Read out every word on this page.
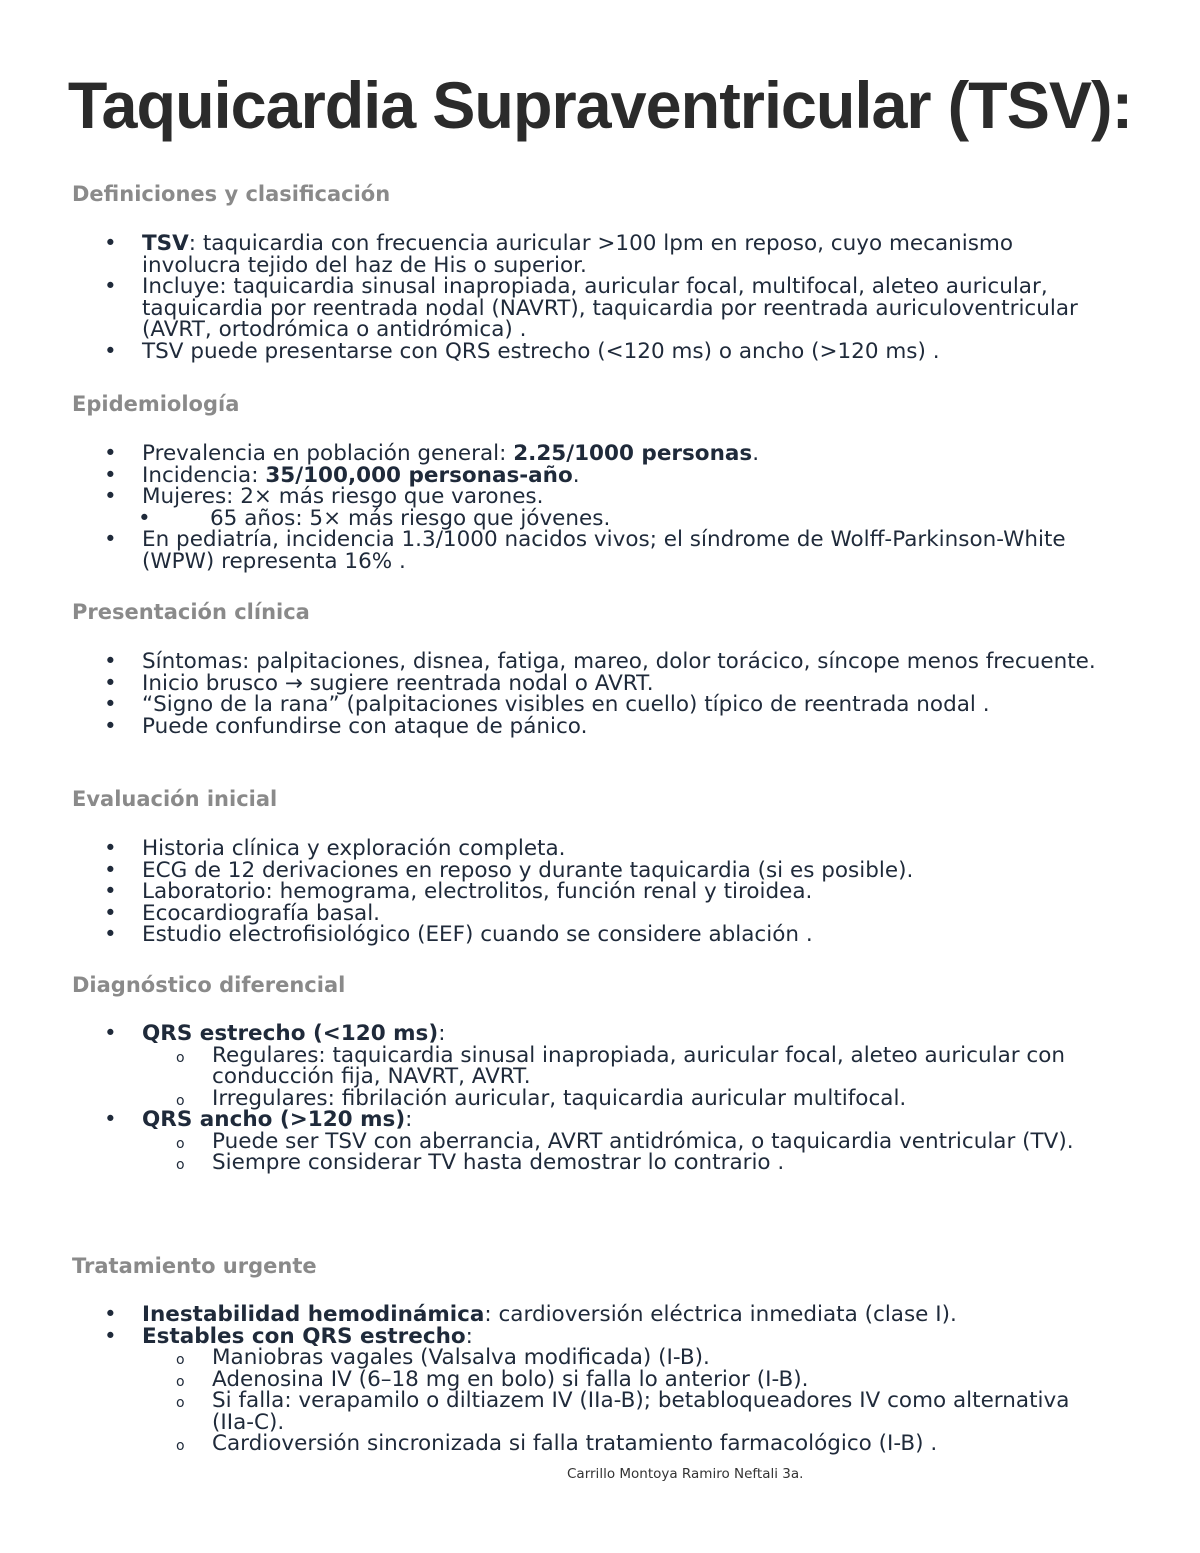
Taquicardia Supraventricular (TSV):
Definiciones y clasificación
• TSV: taquicardia con frecuencia auricular >100 lpm en reposo, cuyo mecanismo involucra tejido del haz de His o superior.
• Incluye: taquicardia sinusal inapropiada, auricular focal, multifocal, aleteo auricular, taquicardia por reentrada nodal (NAVRT), taquicardia por reentrada auriculoventricular (AVRT, ortodrómica o antidrómica) .
• TSV puede presentarse con QRS estrecho (<120 ms) o ancho (>120 ms) .
Epidemiología
• Prevalencia en población general: 2.25/1000 personas.
• Incidencia: 35/100,000 personas-año.
• Mujeres: 2× más riesgo que varones.
•	65 años: 5× más riesgo que jóvenes.
• En pediatría, incidencia 1.3/1000 nacidos vivos; el síndrome de Wolff-Parkinson-White (WPW) representa 16% .
Presentación clínica
• Síntomas: palpitaciones, disnea, fatiga, mareo, dolor torácico, síncope menos frecuente.
• Inicio brusco → sugiere reentrada nodal o AVRT.
• “Signo de la rana” (palpitaciones visibles en cuello) típico de reentrada nodal .
• Puede confundirse con ataque de pánico.
Evaluación inicial
• Historia clínica y exploración completa.
• ECG de 12 derivaciones en reposo y durante taquicardia (si es posible).
• Laboratorio: hemograma, electrolitos, función renal y tiroidea.
• Ecocardiografía basal.
• Estudio electrofisiológico (EEF) cuando se considere ablación .
Diagnóstico diferencial
• QRS estrecho (<120 ms):
o Regulares: taquicardia sinusal inapropiada, auricular focal, aleteo auricular con conducción fija, NAVRT, AVRT.
o Irregulares: fibrilación auricular, taquicardia auricular multifocal.
• QRS ancho (>120 ms):
o Puede ser TSV con aberrancia, AVRT antidrómica, o taquicardia ventricular (TV).
o Siempre considerar TV hasta demostrar lo contrario .
Tratamiento urgente
• Inestabilidad hemodinámica: cardioversión eléctrica inmediata (clase I).
• Estables con QRS estrecho:
o Maniobras vagales (Valsalva modificada) (I-B).
o Adenosina IV (6–18 mg en bolo) si falla lo anterior (I-B).
o Si falla: verapamilo o diltiazem IV (IIa-B); betabloqueadores IV como alternativa (IIa-C).
o Cardioversión sincronizada si falla tratamiento farmacológico (I-B) .
Carrillo Montoya Ramiro Neftali 3a.
